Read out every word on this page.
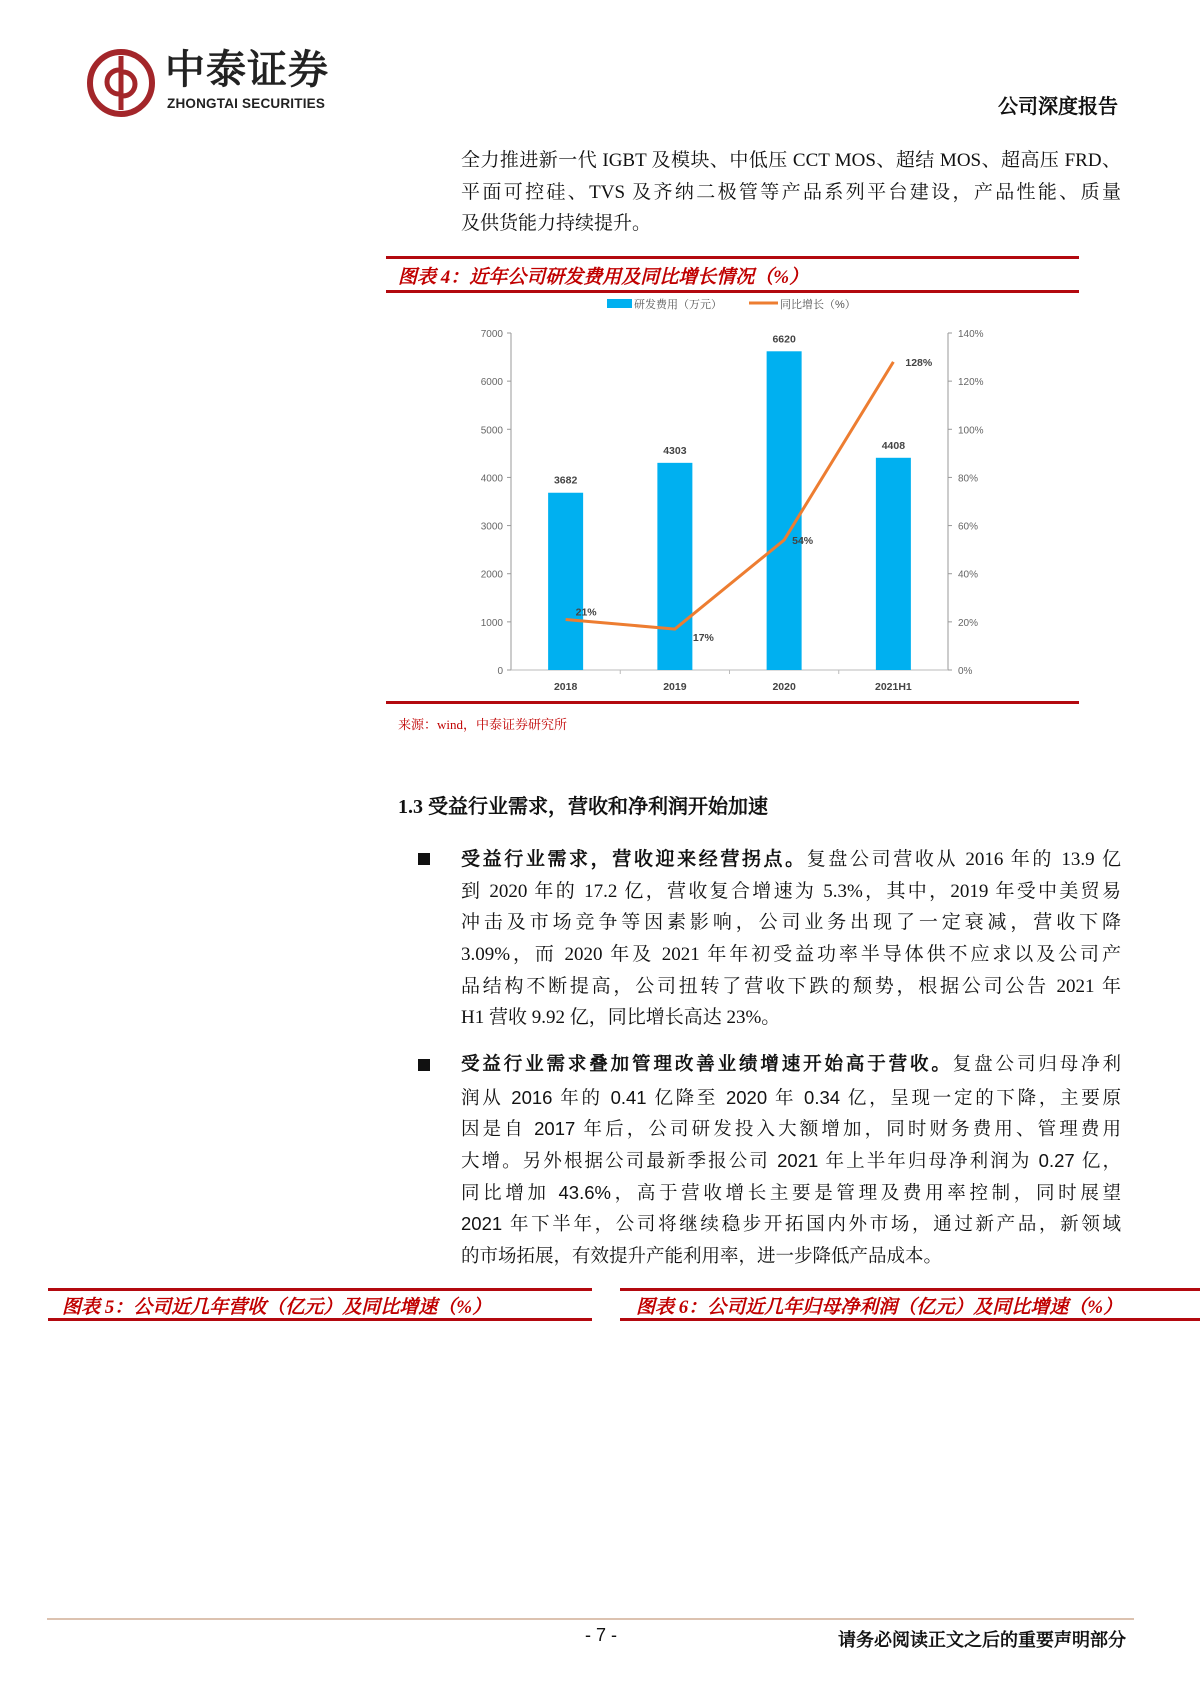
中泰证券
ZHONGTAI SECURITIES	公司深度报告
全力推进新一代 IGBT 及模块、中低压 CCT MOS、超结 MOS、超高压 FRD、
平面可控硅、TVS 及齐纳二极管等产品系列平台建设，产品性能、质量
及供货能力持续提升。
图表 4：近年公司研发费用及同比增长情况（%）
0
1000
2000
3000
4000
5000
6000
7000
0%
20%
40%
60%
80%
100%
120%
140%
3682
2018
4303
2019
6620
2020
4408
2021H1
21%
17%
54%
128%
研发费用（万元）	同比增长（%）
来源：wind，中泰证券研究所
1.3 受益行业需求，营收和净利润开始加速
受益行业需求，营收迎来经营拐点。复盘公司营收从 2016 年的 13.9 亿
到 2020 年的 17.2 亿，营收复合增速为 5.3%，其中，2019 年受中美贸易
冲击及市场竞争等因素影响，公司业务出现了一定衰减，营收下降
3.09%，而 2020 年及 2021 年年初受益功率半导体供不应求以及公司产
品结构不断提高，公司扭转了营收下跌的颓势，根据公司公告 2021 年
H1 营收 9.92 亿，同比增长高达 23%。
受益行业需求叠加管理改善业绩增速开始高于营收。复盘公司归母净利
润从 2016 年的 0.41 亿降至 2020 年 0.34 亿，呈现一定的下降，主要原
因是自 2017 年后，公司研发投入大额增加，同时财务费用、管理费用
大增。另外根据公司最新季报公司 2021 年上半年归母净利润为 0.27 亿，
同比增加 43.6%，高于营收增长主要是管理及费用率控制，同时展望
2021 年下半年，公司将继续稳步开拓国内外市场，通过新产品，新领域
的市场拓展，有效提升产能利用率，进一步降低产品成本。
图表 5：公司近几年营收（亿元）及同比增速（%）	图表 6：公司近几年归母净利润（亿元）及同比增速（%）
- 7 -	请务必阅读正文之后的重要声明部分
